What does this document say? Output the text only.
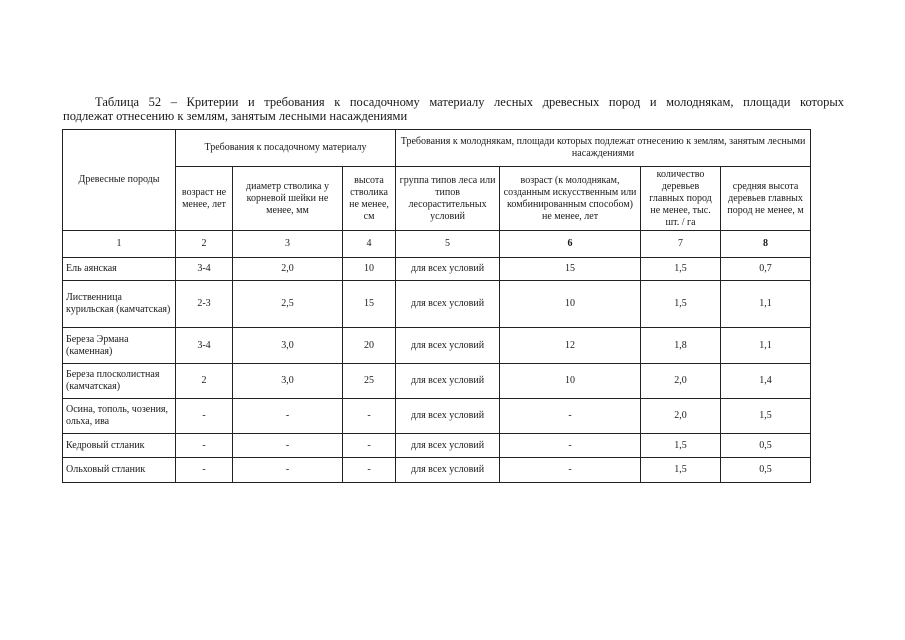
Таблица 52 – Критерии и требования к посадочному материалу лесных древесных пород и молоднякам, площади которых
подлежат отнесению к землям, занятым лесными насаждениями
Древесные породы	Требования к посадочному материалу			Требования к молоднякам, площади которых подлежат отнесению к землям, занятым лесными насаждениями			
	возраст не менее, лет	диаметр стволика у корневой шейки не менее, мм	высота стволика не менее, см	группа типов леса или типов лесорастительных условий	возраст (к молоднякам, созданным искусственным или комбинированным способом) не менее, лет	количество деревьев главных пород не менее, тыс. шт. / га	средняя высота деревьев главных пород не менее, м
1	2	3	4	5	6	7	8
Ель аянская	3-4	2,0	10	для всех условий	15	1,5	0,7
Лиственница курильская (камчатская)	2-3	2,5	15	для всех условий	10	1,5	1,1
Береза Эрмана (каменная)	3-4	3,0	20	для всех условий	12	1,8	1,1
Береза плосколистная (камчатская)	2	3,0	25	для всех условий	10	2,0	1,4
Осина, тополь, чозения, ольха, ива	-	-	-	для всех условий	-	2,0	1,5
Кедровый стланик	-	-	-	для всех условий	-	1,5	0,5
Ольховый стланик	-	-	-	для всех условий	-	1,5	0,5
